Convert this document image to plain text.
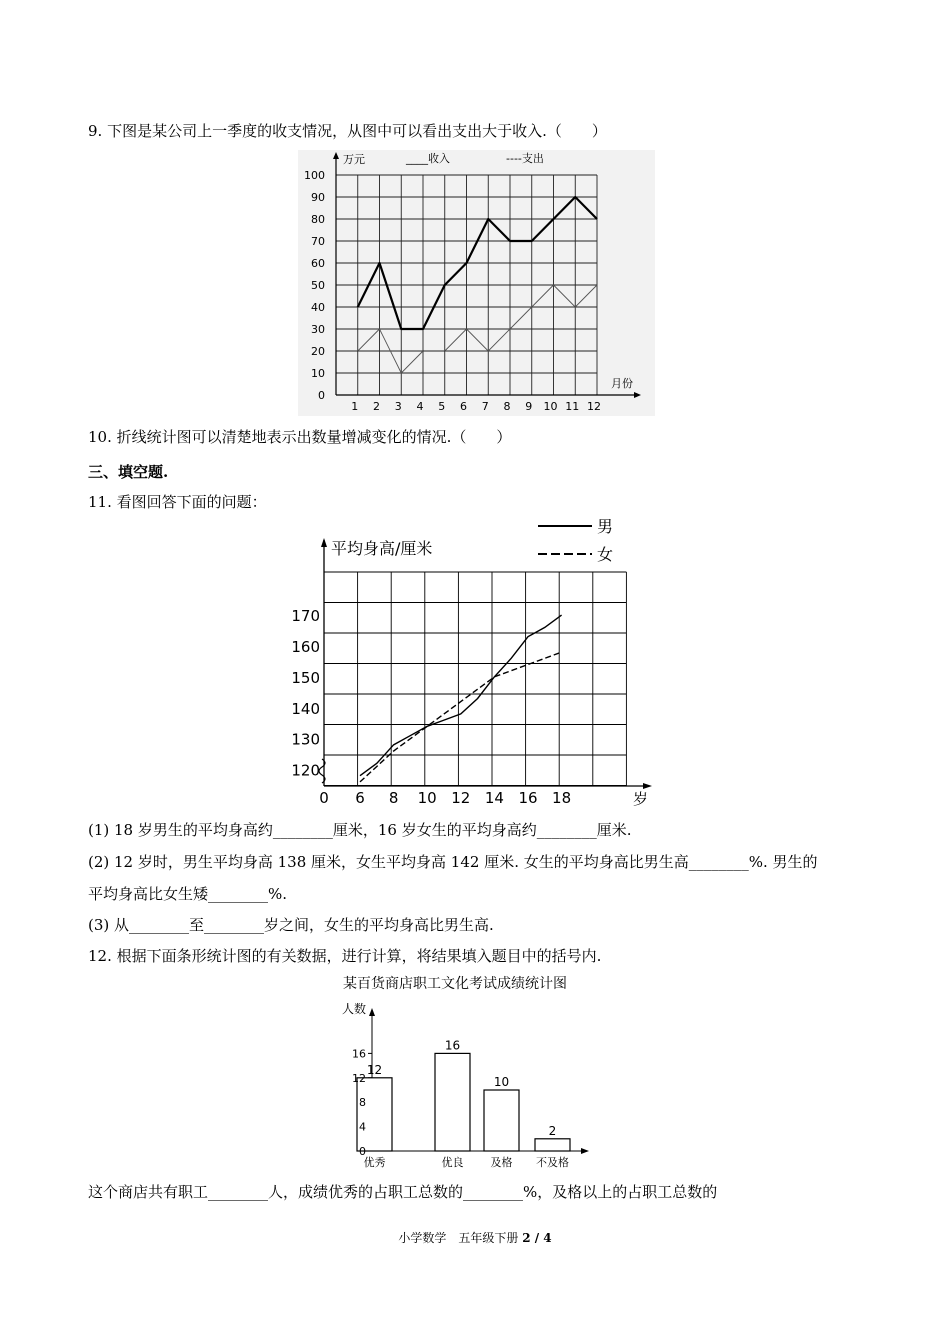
9. 下图是某公司上一季度的收支情况，从图中可以看出支出大于收入.（　　）
0
10
20
30
40
50
60
70
80
90
100
1 2 3 4 5 6 7 8 9 10 11 12
万元
月份
____收入	----支出
10. 折线统计图可以清楚地表示出数量增减变化的情况.（　　）
三、填空题.
11. 看图回答下面的问题：
平均身高/厘米
120
130
140
150
160
170
6 8 10 12 14 16 18
0	岁
男
女
(1) 18 岁男生的平均身高约________厘米，16 岁女生的平均身高约________厘米.
(2) 12 岁时，男生平均身高 138 厘米，女生平均身高 142 厘米. 女生的平均身高比男生高________%. 男生的
平均身高比女生矮________%.
(3) 从________至________岁之间，女生的平均身高比男生高.
12. 根据下面条形统计图的有关数据，进行计算，将结果填入题目中的括号内.
某百货商店职工文化考试成绩统计图
人数
4
8
12
16
0
12
优秀
16
优良
10
及格
2
不及格
这个商店共有职工________人，成绩优秀的占职工总数的________%，及格以上的占职工总数的
小学数学　五年级下册 2 / 4
